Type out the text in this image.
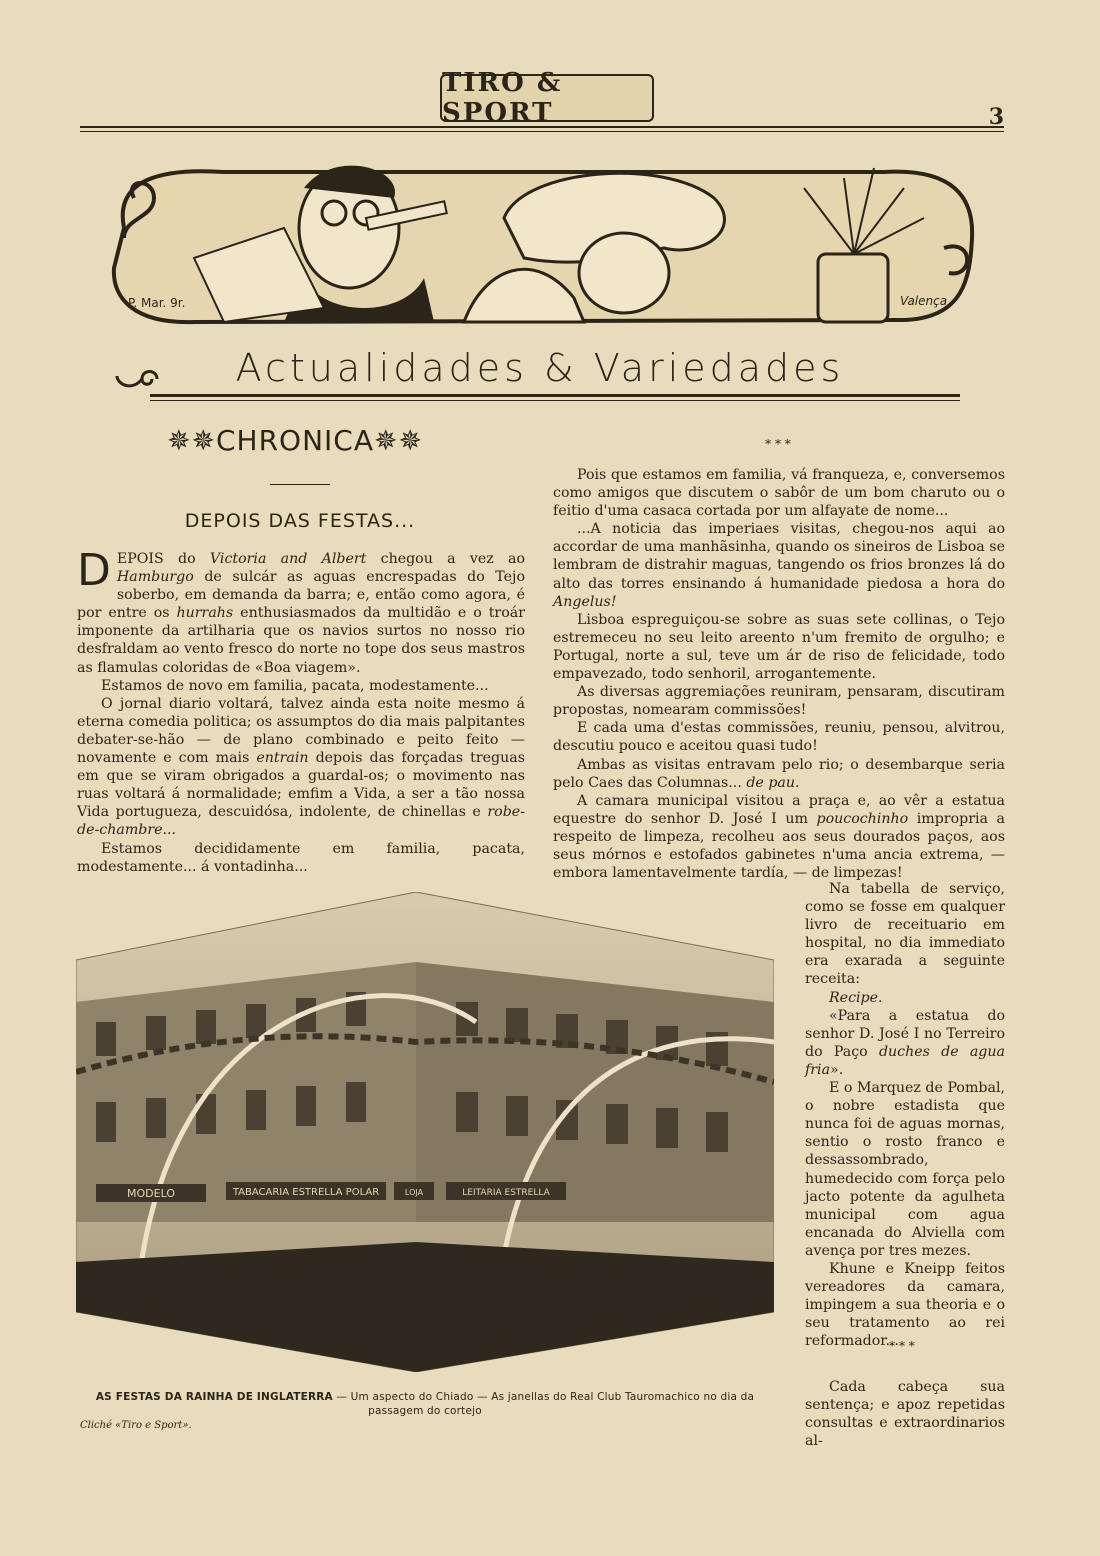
TIRO & SPORT	3
P. Mar. 9r.	Valença
Actualidades & Variedades
✵✵CHRONICA✵✵
DEPOIS DAS FESTAS...

DEPOIS do Victoria and Albert chegou a vez ao Hamburgo de sulcár as aguas encrespadas do Tejo soberbo, em demanda da barra; e, então como agora, é por entre os hurrahs enthusiasmados da multidão e o troár imponente da artilharia que os navios surtos no nosso rio desfraldam ao vento fresco do norte no tope dos seus mastros as flamulas coloridas de «Boa viagem».

Estamos de novo em familia, pacata, modestamente...

O jornal diario voltará, talvez ainda esta noite mesmo á eterna comedia politica; os assumptos do dia mais palpitantes debater-se-hão — de plano combinado e peito feito — novamente e com mais entrain depois das forçadas treguas em que se viram obrigados a guardal-os; o movimento nas ruas voltará á normalidade; emfim a Vida, a ser a tão nossa Vida portugueza, descuidósa, indolente, de chinellas e robe-de-chambre...

Estamos decididamente em familia, pacata, modestamente... á vontadinha...

* * *

Pois que estamos em familia, vá franqueza, e, conversemos como amigos que discutem o sabôr de um bom charuto ou o feitio d'uma casaca cortada por um alfayate de nome...

...A noticia das imperiaes visitas, chegou-nos aqui ao accordar de uma manhãsinha, quando os sineiros de Lisboa se lembram de distrahir maguas, tangendo os frios bronzes lá do alto das torres ensinando á humanidade piedosa a hora do Angelus!

Lisboa espreguiçou-se sobre as suas sete collinas, o Tejo estremeceu no seu leito areento n'um fremito de orgulho; e Portugal, norte a sul, teve um ár de riso de felicidade, todo empavezado, todo senhoril, arrogantemente.

As diversas aggremiações reuniram, pensaram, discutiram propostas, nomearam commissões!

E cada uma d'estas commissões, reuniu, pensou, alvitrou, descutiu pouco e aceitou quasi tudo!

Ambas as visitas entravam pelo rio; o desembarque seria pelo Caes das Columnas... de pau.

A camara municipal visitou a praça e, ao vêr a estatua equestre do senhor D. José I um poucochinho impropria a respeito de limpeza, recolheu aos seus dourados paços, aos seus mórnos e estofados gabinetes n'uma ancia extrema, — embora lamentavelmente tardía, — de limpezas!

Na tabella de serviço, como se fosse em qualquer livro de receituario em hospital, no dia immediato era exarada a seguinte receita:

Recipe.

«Para a estatua do senhor D. José I no Terreiro do Paço duches de agua fria».

E o Marquez de Pombal, o nobre estadista que nunca foi de aguas mornas, sentio o rosto franco e dessassombrado, humedecido com força pelo jacto potente da agulheta municipal com agua encanada do Alviella com avença por tres mezes.

Khune e Kneipp feitos vereadores da camara, impingem a sua theoria e o seu tratamento ao rei reformador...

* * *

Cada cabeça sua sentença; e apoz repetidas consultas e extraordinarios al-

MODELO	TABACARIA ESTRELLA POLAR	LOJA	LEITARIA ESTRELLA
AS FESTAS DA RAINHA DE INGLATERRA — Um aspecto do Chiado — As janellas do Real Club Tauromachico no dia da passagem do cortejo
Cliché «Tiro e Sport».
